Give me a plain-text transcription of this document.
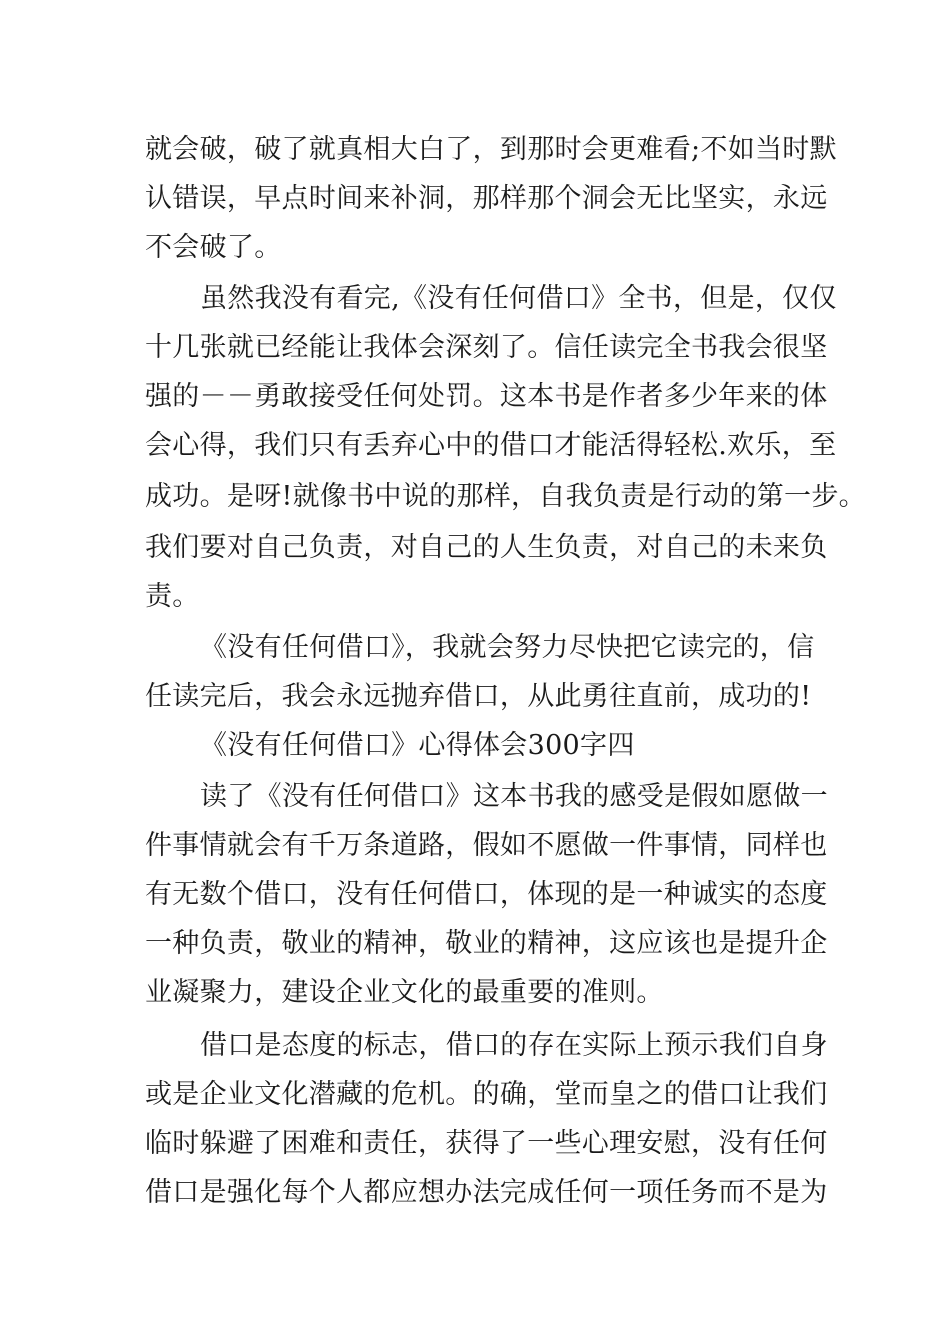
就会破，破了就真相大白了，到那时会更难看;不如当时默
认错误，早点时间来补洞，那样那个洞会无比坚实，永远
不会破了。
虽然我没有看完,《没有任何借口》全书，但是，仅仅
十几张就已经能让我体会深刻了。信任读完全书我会很坚
强的－－勇敢接受任何处罚。这本书是作者多少年来的体
会心得，我们只有丢弃心中的借口才能活得轻松.欢乐，至
成功。是呀!就像书中说的那样，自我负责是行动的第一步。
我们要对自己负责，对自己的人生负责，对自己的未来负
责。
《没有任何借口》，我就会努力尽快把它读完的，信
任读完后，我会永远抛弃借口，从此勇往直前，成功的!
《没有任何借口》心得体会300字四
读了《没有任何借口》这本书我的感受是假如愿做一
件事情就会有千万条道路，假如不愿做一件事情，同样也
有无数个借口，没有任何借口，体现的是一种诚实的态度
一种负责，敬业的精神，敬业的精神，这应该也是提升企
业凝聚力，建设企业文化的最重要的准则。
借口是态度的标志，借口的存在实际上预示我们自身
或是企业文化潜藏的危机。的确，堂而皇之的借口让我们
临时躲避了困难和责任，获得了一些心理安慰，没有任何
借口是强化每个人都应想办法完成任何一项任务而不是为
